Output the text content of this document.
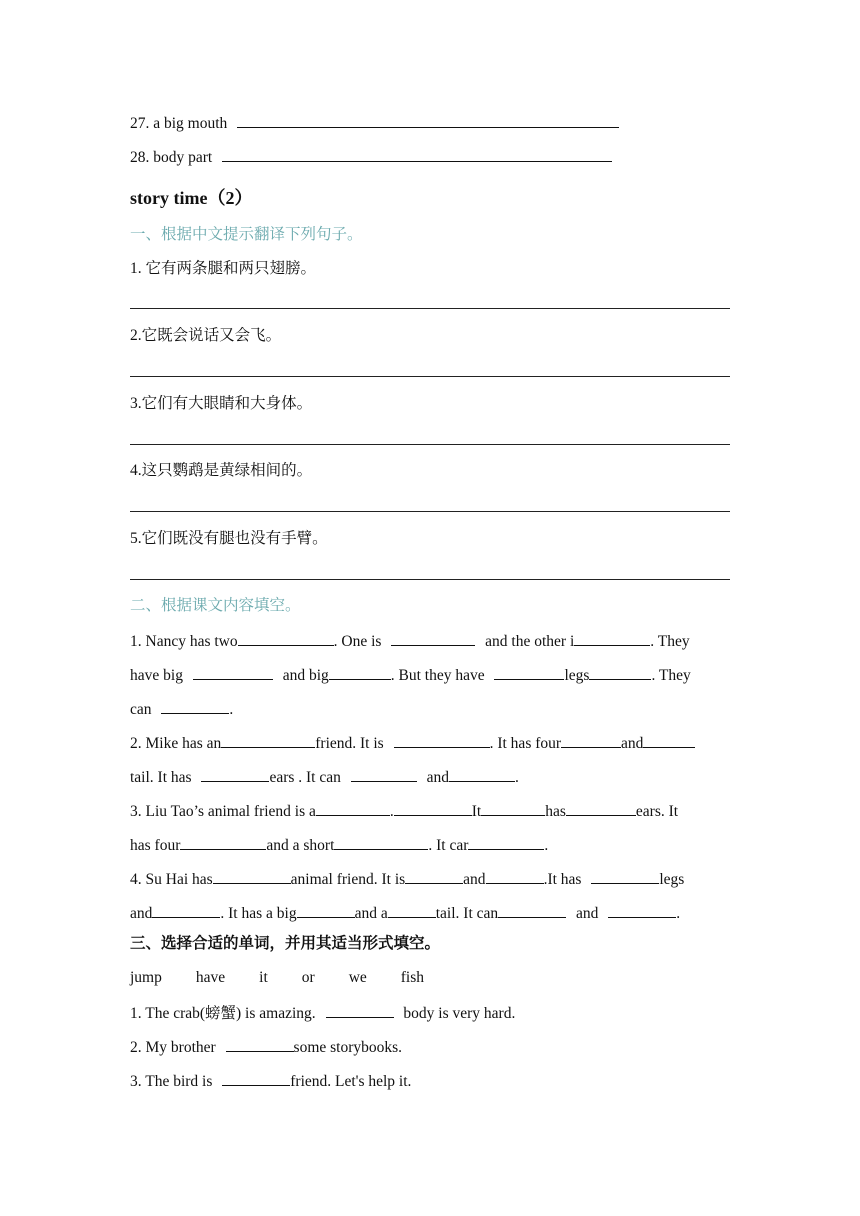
27. a big mouth
28. body part
story time（2）
一、根据中文提示翻译下列句子。
1. 它有两条腿和两只翅膀。
2.它既会说话又会飞。
3.它们有大眼睛和大身体。
4.这只鹦鹉是黄绿相间的。
5.它们既没有腿也没有手臂。
二、根据课文内容填空。
1. Nancy has two	. One is	and the other i	. They
have big	and big	. But they have	legs	. They
can	.
2. Mike has an	friend. It is	. It has four	and
tail. It has	ears . It can	and	.
3. Liu Tao’s animal friend is a	.	It	has	ears. It
has four	and a short	. It car	.
4. Su Hai has	animal friend. It is	and	.It has	legs
and	. It has a big	and a	tail. It can	and	.
三、选择合适的单词，并用其适当形式填空。
jump have it or we fish
1. The crab(螃蟹) is amazing.	body is very hard.
2. My brother	some storybooks.
3. The bird is	friend. Let's help it.
